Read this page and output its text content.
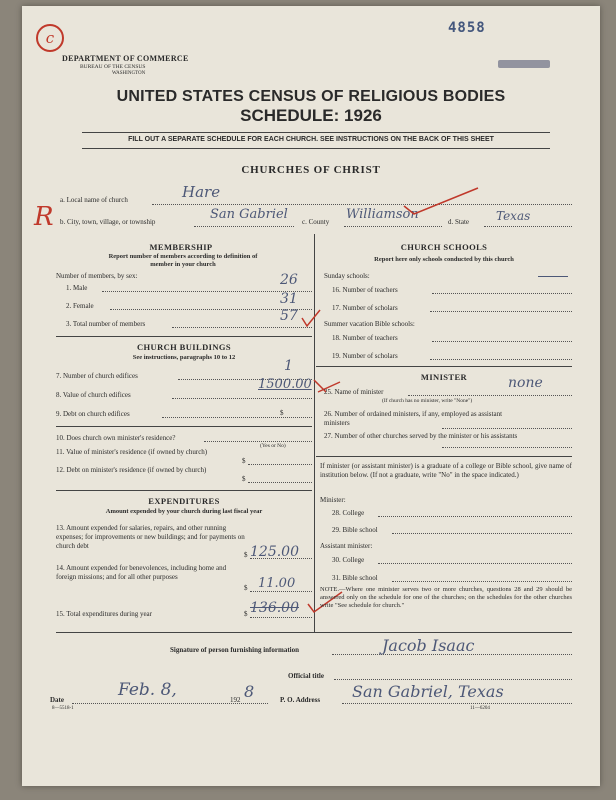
c
4858
DEPARTMENT OF COMMERCE
BUREAU OF THE CENSUS
WASHINGTON
UNITED STATES CENSUS OF RELIGIOUS BODIES
SCHEDULE: 1926
FILL OUT A SEPARATE SCHEDULE FOR EACH CHURCH. SEE INSTRUCTIONS ON THE BACK OF THIS SHEET
CHURCHES OF CHRIST
a. Local name of church	Hare
R b. City, town, village, or township	San Gabriel c. County Williamson	d. State Texas
MEMBERSHIP
Report number of members according to definition of member in your church
Number of members, by sex:
1. Male	26
2. Female	31
3. Total number of members	57
CHURCH BUILDINGS
See instructions, paragraphs 10 to 12
7. Number of church edifices
1
8. Value of church edifices
1500.00
9. Debt on church edifices	$
10. Does church own minister's residence?
(Yes or No)
11. Value of minister's residence (if owned by church)
$
12. Debt on minister's residence (if owned by church)
$
EXPENDITURES
Amount expended by your church during last fiscal year
13. Amount expended for salaries, repairs, and other running expenses; for improvements or new buildings; and for payments on church debt
$ 125.00
14. Amount expended for benevolences, including home and foreign missions; and for all other purposes
$ 11.00
15. Total expenditures during year	$ 136.00
CHURCH SCHOOLS
Report here only schools conducted by this church
Sunday schools:
16. Number of teachers
17. Number of scholars
Summer vacation Bible schools:
18. Number of teachers
19. Number of scholars
MINISTER
25. Name of minister
none
(If church has no minister, write "None")
26. Number of ordained ministers, if any, employed as assistant ministers
27. Number of other churches served by the minister or his assistants
If minister (or assistant minister) is a graduate of a college or Bible school, give name of institution below. (If not a graduate, write "No" in the space indicated.)
Minister:
28. College
29. Bible school
Assistant minister:
30. College
31. Bible school
NOTE.—Where one minister serves two or more churches, questions 28 and 29 should be answered only on the schedule for one of the churches; on the schedules for the other churches write "See schedule for church."
Signature of person furnishing information	Jacob Isaac
Official title
Date	Feb. 8,	192 8	P. O. Address San Gabriel, Texas
8—5518-1	11—6204
